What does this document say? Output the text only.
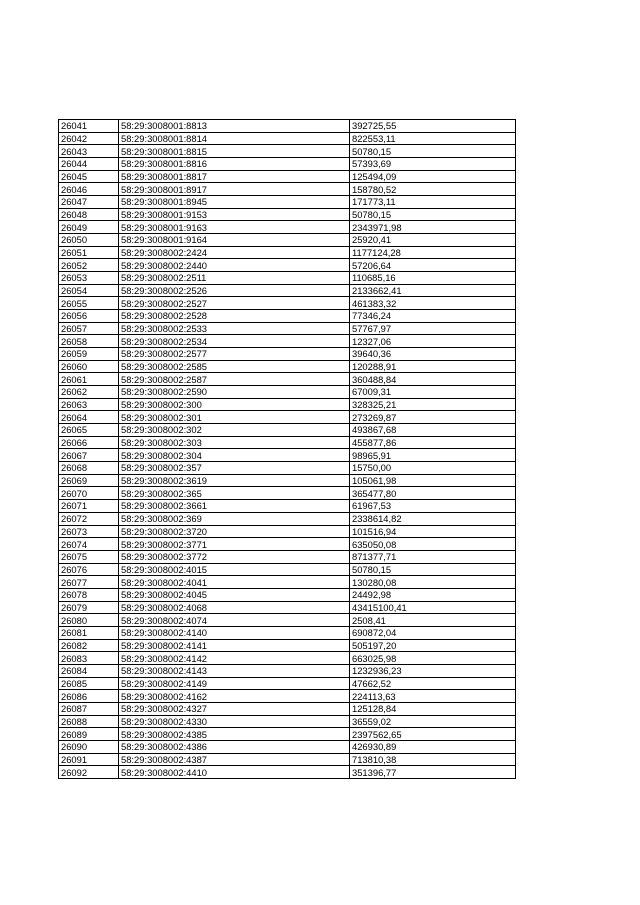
26041	58:29:3008001:8813	392725,55
26042	58:29:3008001:8814	822553,11
26043	58:29:3008001:8815	50780,15
26044	58:29:3008001:8816	57393,69
26045	58:29:3008001:8817	125494,09
26046	58:29:3008001:8917	158780,52
26047	58:29:3008001:8945	171773,11
26048	58:29:3008001:9153	50780,15
26049	58:29:3008001:9163	2343971,98
26050	58:29:3008001:9164	25920,41
26051	58:29:3008002:2424	1177124,28
26052	58:29:3008002:2440	57206,64
26053	58:29:3008002:2511	110685,16
26054	58:29:3008002:2526	2133662,41
26055	58:29:3008002:2527	461383,32
26056	58:29:3008002:2528	77346,24
26057	58:29:3008002:2533	57767,97
26058	58:29:3008002:2534	12327,06
26059	58:29:3008002:2577	39640,36
26060	58:29:3008002:2585	120288,91
26061	58:29:3008002:2587	360488,84
26062	58:29:3008002:2590	67009,31
26063	58:29:3008002:300	328325,21
26064	58:29:3008002:301	273269,87
26065	58:29:3008002:302	493867,68
26066	58:29:3008002:303	455877,86
26067	58:29:3008002:304	98965,91
26068	58:29:3008002:357	15750,00
26069	58:29:3008002:3619	105061,98
26070	58:29:3008002:365	365477,80
26071	58:29:3008002:3661	61967,53
26072	58:29:3008002:369	2338614,82
26073	58:29:3008002:3720	101516,94
26074	58:29:3008002:3771	635050,08
26075	58:29:3008002:3772	871377,71
26076	58:29:3008002:4015	50780,15
26077	58:29:3008002:4041	130280,08
26078	58:29:3008002:4045	24492,98
26079	58:29:3008002:4068	43415100,41
26080	58:29:3008002:4074	2508,41
26081	58:29:3008002:4140	690872,04
26082	58:29:3008002:4141	505197,20
26083	58:29:3008002:4142	663025,98
26084	58:29:3008002:4143	1232936,23
26085	58:29:3008002:4149	47662,52
26086	58:29:3008002:4162	224113,63
26087	58:29:3008002:4327	125128,84
26088	58:29:3008002:4330	36559,02
26089	58:29:3008002:4385	2397562,65
26090	58:29:3008002:4386	426930,89
26091	58:29:3008002:4387	713810,38
26092	58:29:3008002:4410	351396,77
